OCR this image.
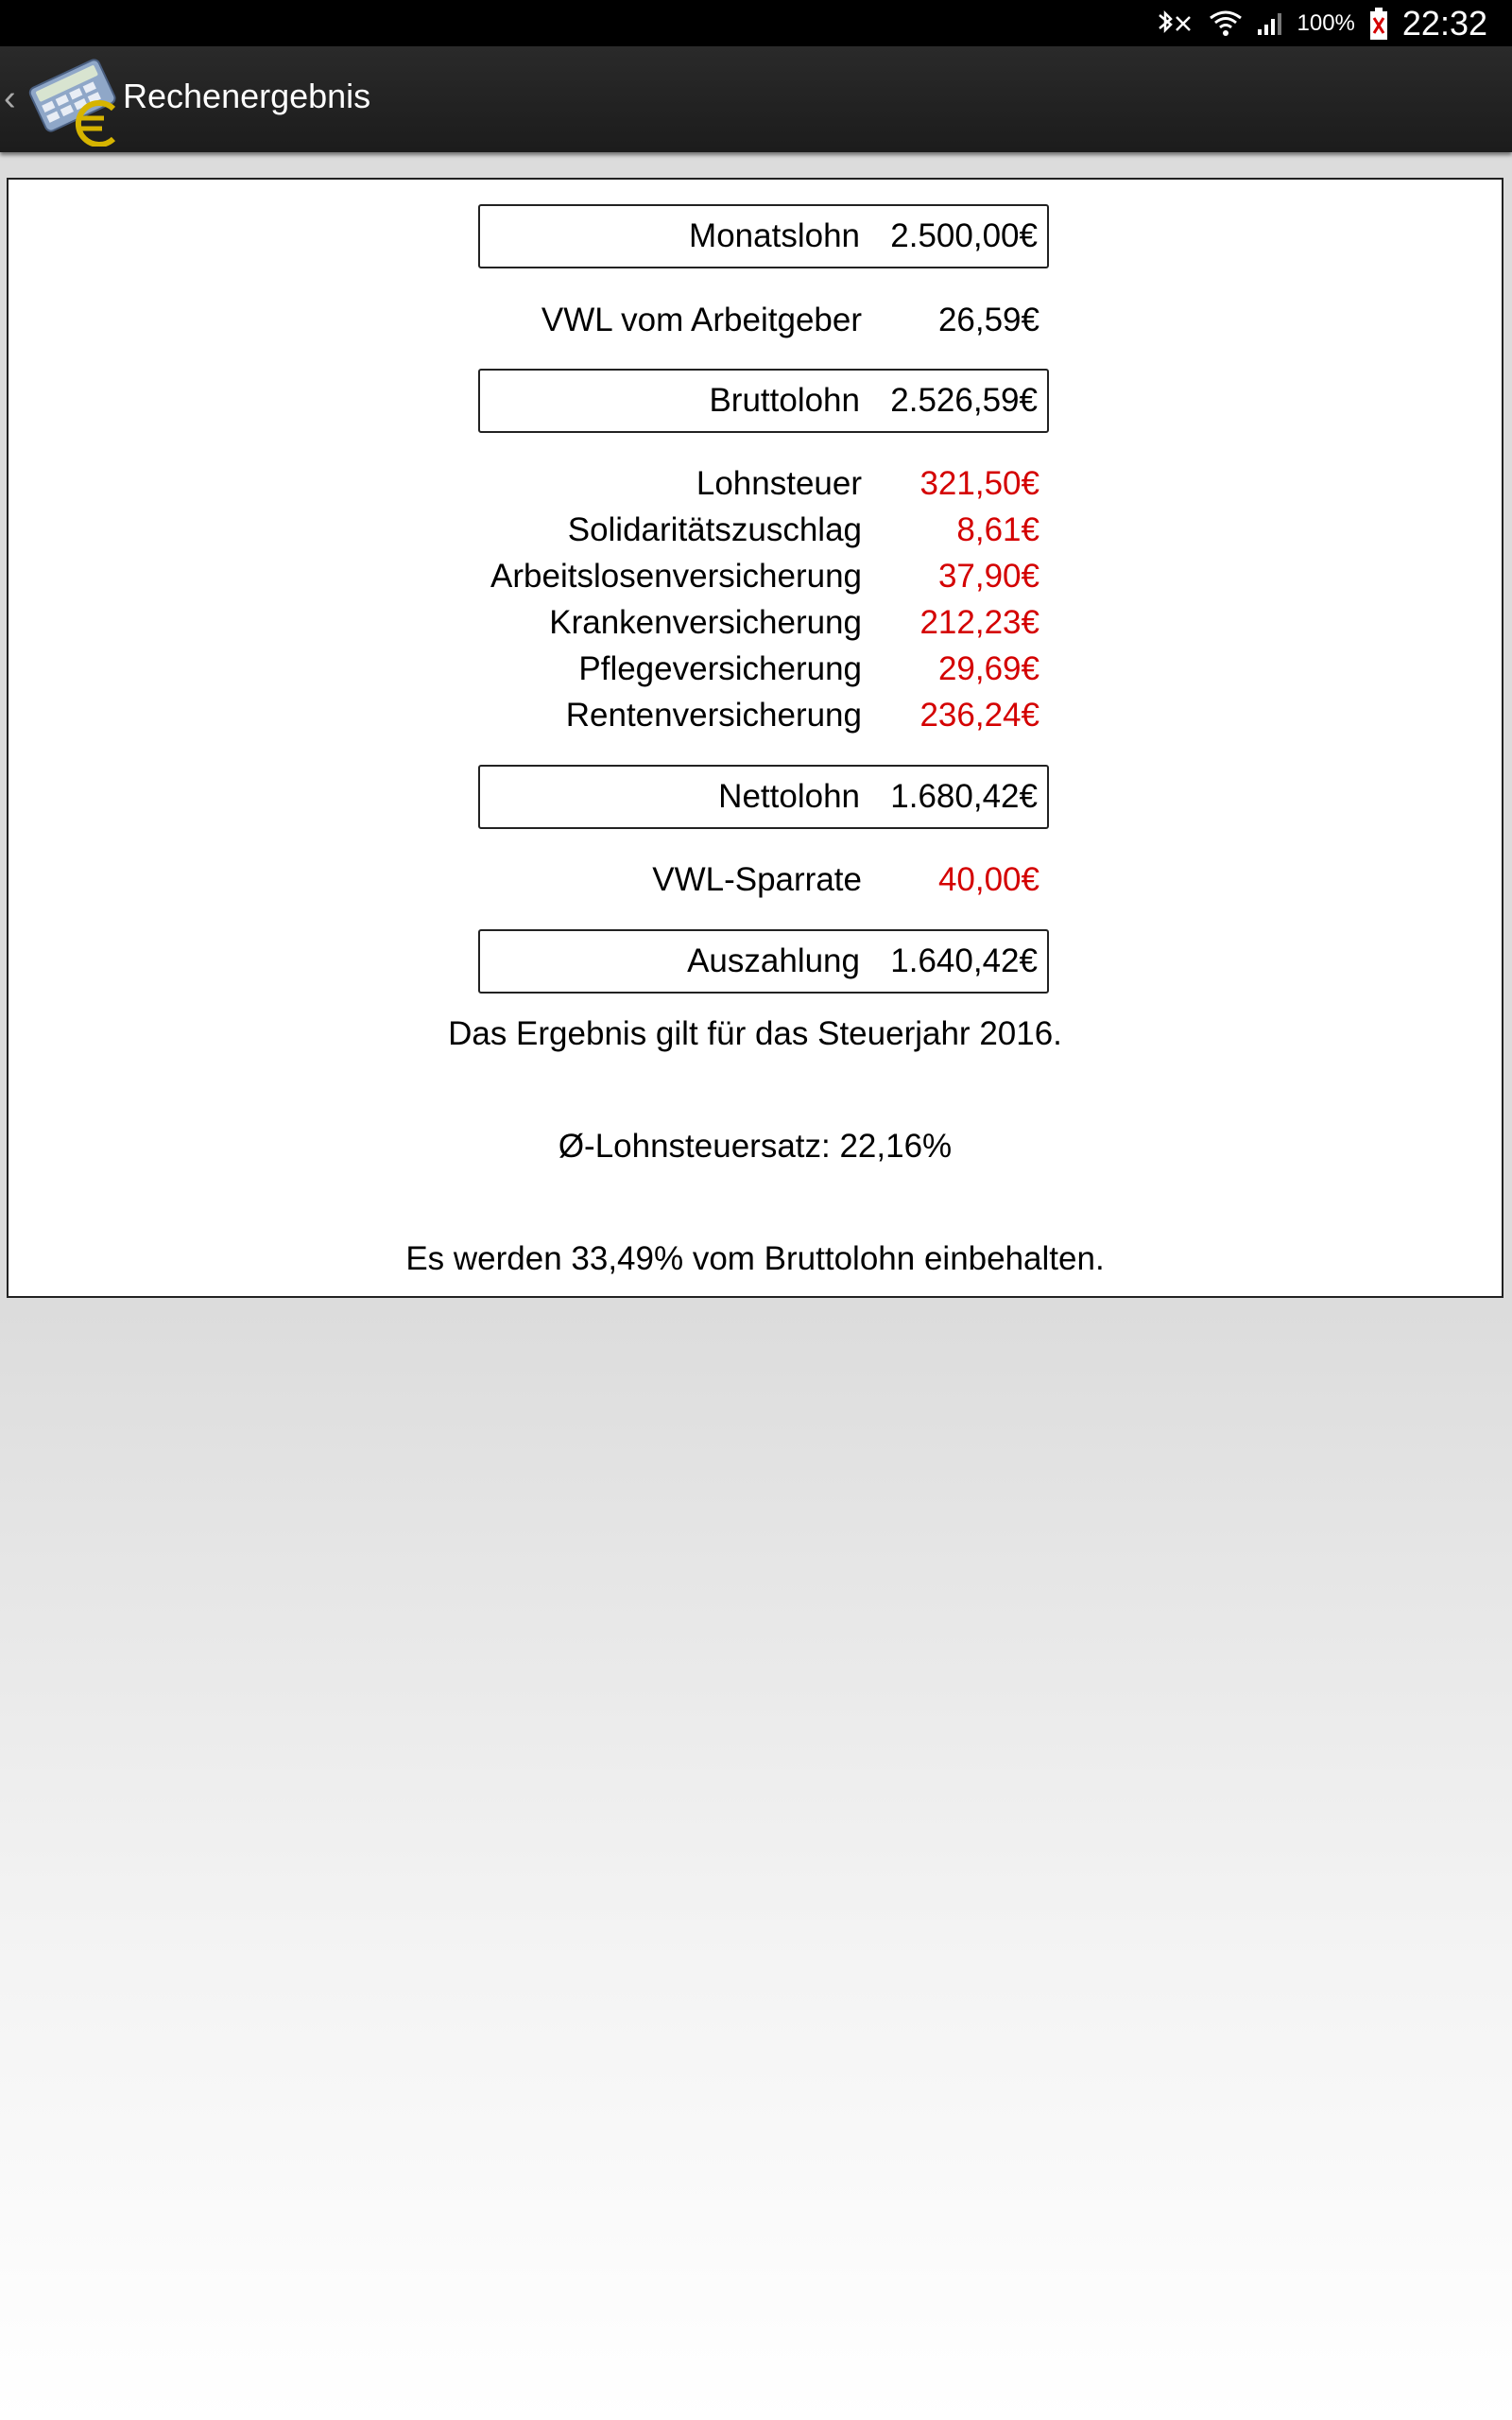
100% 22:32
‹	Rechenergebnis
Monatslohn 2.500,00€
VWL vom Arbeitgeber 26,59€
Bruttolohn 2.526,59€
Lohnsteuer 321,50€
Solidaritätszuschlag	8,61€
Arbeitslosenversicherung 37,90€
Krankenversicherung 212,23€
Pflegeversicherung 29,69€
Rentenversicherung 236,24€
Nettolohn 1.680,42€
VWL-Sparrate 40,00€
Auszahlung 1.640,42€
Das Ergebnis gilt für das Steuerjahr 2016.
Ø-Lohnsteuersatz: 22,16%
Es werden 33,49% vom Bruttolohn einbehalten.
